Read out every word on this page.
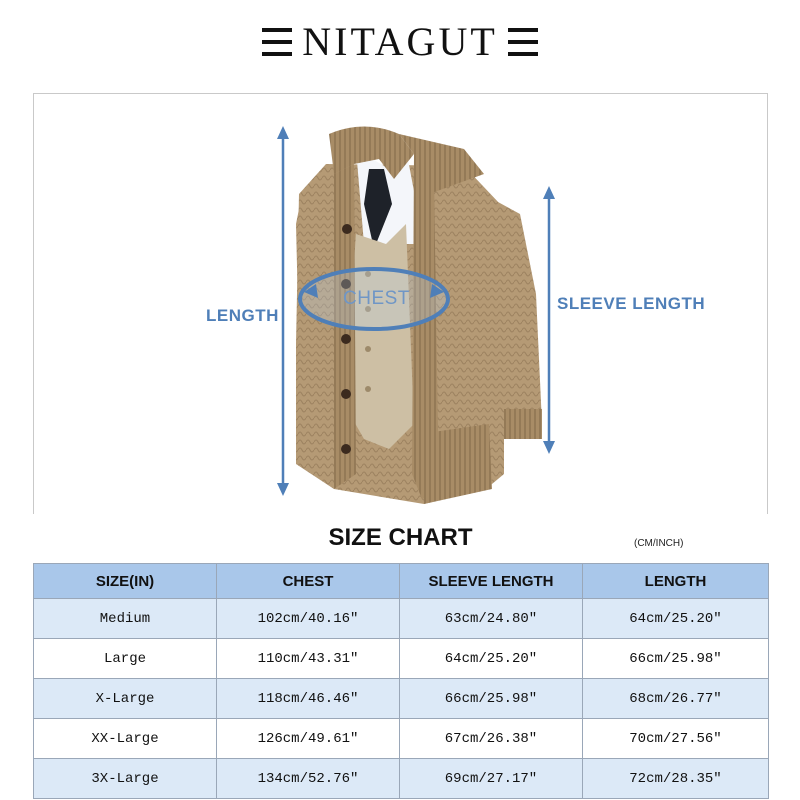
NITAGUT
LENGTH
CHEST	SLEEVE LENGTH
SIZE CHART	(CM/INCH)
SIZE(IN)	CHEST	SLEEVE LENGTH	LENGTH
Medium	102cm/40.16"	63cm/24.80"	64cm/25.20"
Large	110cm/43.31"	64cm/25.20"	66cm/25.98"
X-Large	118cm/46.46"	66cm/25.98"	68cm/26.77"
XX-Large	126cm/49.61"	67cm/26.38"	70cm/27.56"
3X-Large	134cm/52.76"	69cm/27.17"	72cm/28.35"
